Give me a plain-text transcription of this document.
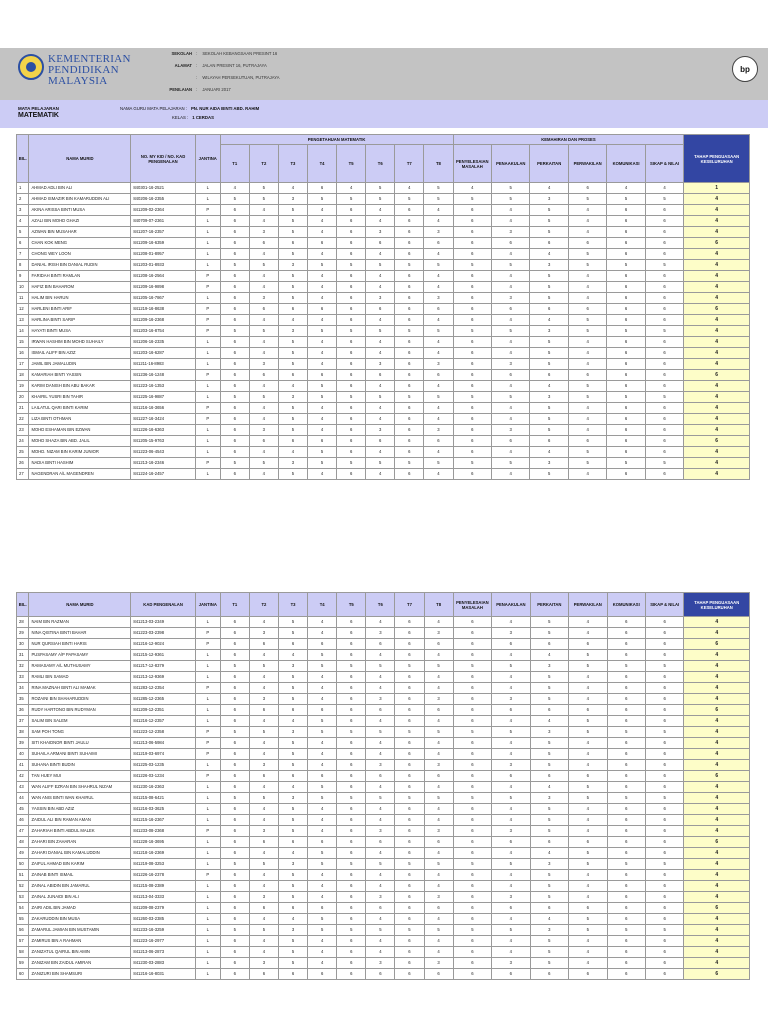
KEMENTERIAN
PENDIDIKAN
MALAYSIA
SEKOLAH : SEKOLAH KEBANGSAAN PRESINT 16
ALAMAT : JALAN PRESINT 16, PUTRAJAYA
: WILAYAH PERSEKUTUAN, PUTRAJAYA
PENILAIAN : JANUARI 2017
bp
MATA PELAJARAN
MATEMATIK
NAMA GURU MATA PELAJARAN : PN. NUR AIDA BINTI ABD. RAHIM
KELAS : 1 CERDAS
BIL.	NAMA MURID	NO. MY KID / NO. KAD PENGENALAN	JANTINA	PENGETAHUAN MATEMATIK								KEMAHIRAN DAN PROSES						TAHAP PENGUASAAN KESELURUHAN
				T1	T2	T3	T4	T5	T6	T7	T8	PENYELESAIAN MASALAH	PENAAKULAN	PERKAITAN	PERWAKILAN	KOMUNIKASI	SIKAP & NILAI	
1	AHMAD ADLI BIN ALI	840301-16-2521	L	4	5	4	6	4	5	4	5	4	5	4	6	4	4	1
2	AHMAD ISMAZIR BIN KAMARUDDIN ALI	840206-16-2355	L	5	5	3	5	5	5	5	5	5	5	3	5	5	5	4
3	AKINA ARISSA BINTI MUSA	841209-02-2364	P	6	4	5	4	6	4	6	4	6	4	5	4	6	6	4
4	AZALI BIN MOHD GHAZI	840709-07-2361	L	6	4	5	4	6	4	6	4	6	4	5	4	6	6	4
5	AZWAN BIN MUSAHAR	841207-16-2357	L	6	3	5	4	6	3	6	3	6	3	5	4	6	6	4
6	CHAN KOK MENG	841209-16-6359	L	6	6	6	6	6	6	6	6	6	6	6	6	6	6	6
7	CHONG WEY LOON	841208-01-8957	L	6	4	5	4	6	4	6	4	6	4	4	5	6	6	4
8	DANIAL IRISH BIN DANIAL RUDIN	841203-01-8933	L	5	5	3	5	5	5	5	5	5	5	3	5	5	5	4
9	FARIDAH BINTI RAMLAN	841208-16-2564	P	6	4	5	4	6	4	6	4	6	4	5	4	6	6	4
10	HAFIZ BIN BAHAROM	841209-16-9898	P	6	4	5	4	6	4	6	4	6	4	5	4	6	6	4
11	HALIM BIN HARUN	841205-16-7867	L	6	3	5	4	6	3	6	3	6	3	5	4	6	6	4
12	HARLENI BINTI ARIF	841219-16-8638	P	6	6	6	6	6	6	6	6	6	6	6	6	6	6	6
13	HARLINA BINTI SARIP	841209-16-2368	P	6	4	4	4	6	4	6	4	6	4	4	5	6	6	4
14	HAYATI BINTI MUSA	841203-16-8754	P	5	5	3	5	5	5	5	5	5	5	3	5	5	5	4
15	IRWAN HASHIM BIN MOHD SUHAILY	841206-16-2335	L	6	4	5	4	6	4	6	4	6	4	5	4	6	6	4
16	ISMAIL ALIFF BIN AZIZ	841203-16-6287	L	6	4	5	4	6	4	6	4	6	4	5	4	6	6	4
17	JAMIL BIN JAMALUDIN	841211-16-8983	L	6	3	5	4	6	3	6	3	6	3	5	4	6	6	4
18	KAMARIAH BINTI YASSIN	841236-16-1248	P	6	6	6	6	6	6	6	6	6	6	6	6	6	6	6
19	KARIM DANISH BIN ABU BAKAR	841223-16-1353	L	6	4	4	5	6	4	6	4	6	4	4	5	6	6	4
20	KHAIRIL YUSRI BIN TAHIR	841225-16-9887	L	5	5	3	5	5	5	5	5	5	5	3	5	5	5	4
21	LAILATUL QARI BINTI KARIM	841216-16-3656	P	6	4	5	4	6	4	6	4	6	4	5	4	6	6	4
22	LIZA BINTI OTHMAN	841227-16-3424	P	6	4	5	4	6	4	6	4	6	4	5	4	6	6	4
23	MOHD ESHAMAN BIN EZWAN	841226-16-6363	L	6	3	5	4	6	3	6	3	6	3	5	4	6	6	4
24	MOHD SHAZA BIN ABD. JALIL	841205-15-9763	L	6	6	6	6	6	6	6	6	6	6	6	6	6	6	6
25	MOHD. NIZAM BIN KARIM JUNIOR	841223-06-4543	L	6	4	4	5	6	4	6	4	6	4	4	5	6	6	4
26	NADIA BINTI HASHIM	841213-16-2346	P	5	5	3	5	5	5	5	5	5	5	3	5	5	5	4
27	NAGENDRAN A/L MAGENDREN	841224-16-2457	L	6	4	5	4	6	4	6	4	6	4	5	4	6	6	4
BIL.	NAMA MURID	KAD PENGENALAN	JANTINA	T1	T2	T3	T4	T5	T6	T7	T8	PENYELESAIAN MASALAH	PENAAKULAN	PERKAITAN	PERWAKILAN	KOMUNIKASI	SIKAP & NILAI	TAHAP PENGUASAAN KESELURUHAN
28	NAIM BIN RAZMAN	841213-03-2349	L	6	4	5	4	6	4	6	4	6	4	5	4	6	6	4
29	NINA QISTINA BINTI BAHAR	841223-03-2398	P	6	3	5	4	6	3	6	3	6	3	5	4	6	6	4
30	NUR QURSIAH BINTI HARIS	841216-12-9024	P	6	6	6	6	6	6	6	6	6	6	6	6	6	6	6
31	PUSPASAMY A/P PAPASAMY	841215-12-9361	L	6	4	4	5	6	4	6	4	6	4	4	5	6	6	4
32	RAMASAMY A/L MUTHUSAMY	841217-12-8379	L	5	5	3	5	5	5	5	5	5	5	3	5	5	5	4
33	RAMLI BIN SAMAD	841213-12-9369	L	6	4	5	4	6	4	6	4	6	4	5	4	6	6	4
34	RINA MAZNAH BINTI ALI MAMAK	841283-12-2354	P	6	4	5	4	6	4	6	4	6	4	5	4	6	6	4
35	ROZAINI BIN SHAHARUDDIN	841285-12-2365	L	6	3	5	4	6	3	6	3	6	3	5	4	6	6	4
36	RUDY HARTONO BIN RUDYMAN	841209-12-2351	L	6	6	6	6	6	6	6	6	6	6	6	6	6	6	6
37	SALIM BIN SALEM	841216-12-2357	L	6	4	4	5	6	4	6	4	6	4	4	5	6	6	4
38	SAM POH TONG	841223-12-2358	P	5	5	3	5	5	5	5	5	5	5	3	5	5	5	4
39	SITI KHAIDNOR BINTI JAULU	841213-06-5984	P	6	4	5	4	6	4	6	4	6	4	5	4	6	6	4
40	SUHAILA ARMANI BINTI SUHAIMI	841219-03-6974	P	6	4	5	4	6	4	6	4	6	4	5	4	6	6	4
41	SUHANA BINTI BUDIN	841225-03-1235	L	6	3	5	4	6	3	6	3	6	3	5	4	6	6	4
42	TAN HUEY MUI	841226-03-1234	P	6	6	6	6	6	6	6	6	6	6	6	6	6	6	6
43	WAN ALIFF EZRAN BIN SHAHRUL NIZAM	841230-16-2363	L	6	4	4	5	6	4	6	4	6	4	4	5	6	6	4
44	WAN ANIS BINTI WAN KHAIRUL	841215-08-6421	L	5	5	3	5	5	5	5	5	5	5	3	5	5	5	4
45	YASSIN BIN ABD AZIZ	841216-03-3625	L	6	4	5	4	6	4	6	4	6	4	5	4	6	6	4
46	ZAIDUL ALI BIN RAMAN AMAN	841215-16-2367	L	6	4	5	4	6	4	6	4	6	4	5	4	6	6	4
47	ZAHARIAH BINTI ABDUL MALEK	841233-08-2368	P	6	3	5	4	6	3	6	3	6	3	5	4	6	6	4
48	ZAHARI BIN ZAHARAN	841228-16-3695	L	6	6	6	6	6	6	6	6	6	6	6	6	6	6	6
49	ZAHARI DANIAL BIN KAMALUDDIN	841218-16-2369	L	6	4	4	5	6	4	6	4	6	4	4	5	6	6	4
50	ZAIFUL AHMAD BIN KARIM	841219-08-3253	L	5	5	3	5	5	5	5	5	5	5	3	5	5	5	4
51	ZAINAB BINTI ISMAIL	841226-16-2378	P	6	4	5	4	6	4	6	4	6	4	5	4	6	6	4
52	ZAINAL ABIDIN BIN JAMARUL	841215-08-2389	L	6	4	5	4	6	4	6	4	6	4	5	4	6	6	4
53	ZAINAL JUNAIDI BIN ALI	841213-04-3333	L	6	3	5	4	6	3	6	3	6	3	5	4	6	6	4
54	ZAIRI ADIL BIN JAMAD	841209-08-2379	L	6	6	6	6	6	6	6	6	6	6	6	6	6	6	6
55	ZAKARUDDIN BIN MUSA	841260-03-2385	L	6	4	4	5	6	4	6	4	6	4	4	5	6	6	4
56	ZAMARUL JAMIAN BIN MUSTAMIN	841233-16-3259	L	5	5	3	5	5	5	5	5	5	5	3	5	5	5	4
57	ZAMIRUS BIN A RAHMAN	841223-16-2977	L	6	4	5	4	6	4	6	4	6	4	5	4	6	6	4
58	ZANIZATUL QAIRUL BIN AMIN	841213-06-2873	L	6	4	5	4	6	4	6	4	6	4	5	4	6	6	4
59	ZANIZAM BIN ZAIDUL AMIRAN	841230-03-2883	L	6	3	5	4	6	3	6	3	6	3	5	4	6	6	4
60	ZANIZURI BIN SHAMSURI	841216-16-8031	L	6	6	6	6	6	6	6	6	6	6	6	6	6	6	6
